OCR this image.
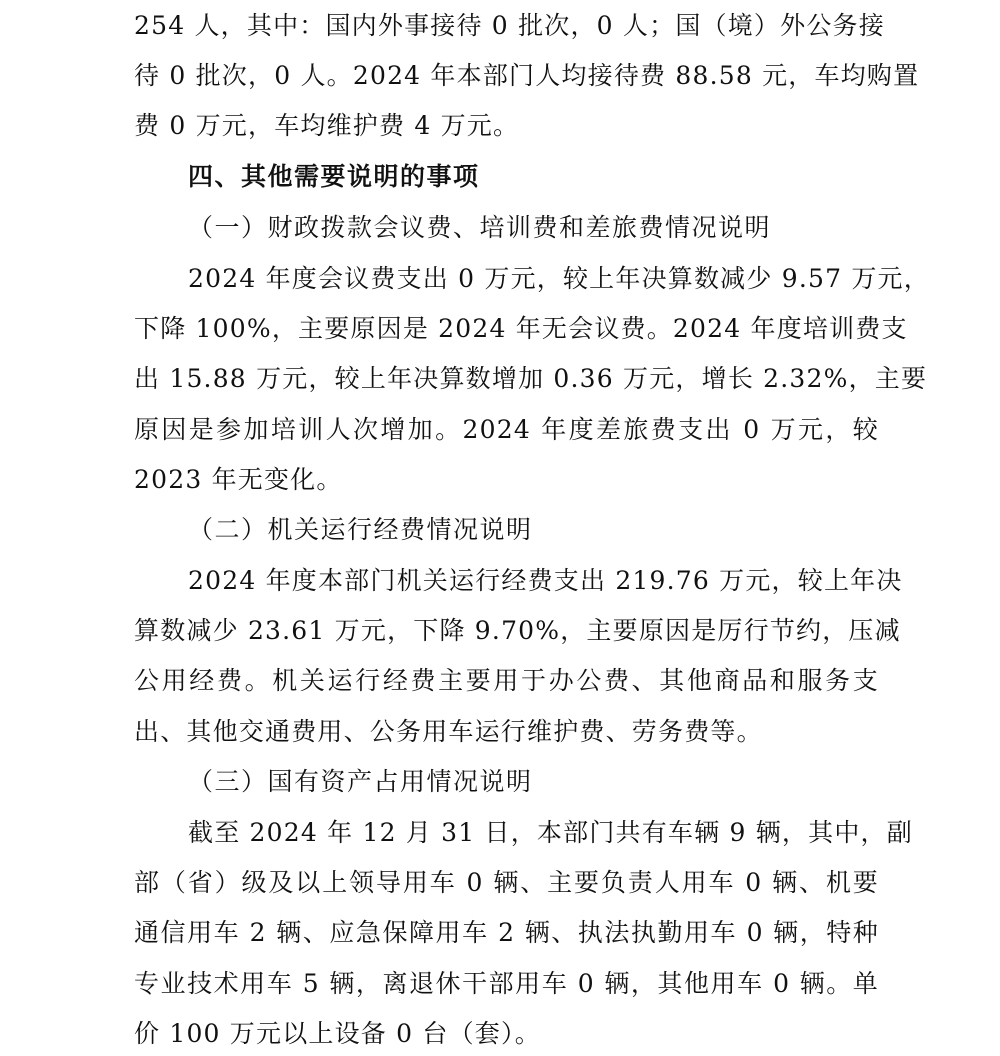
254 人，其中：国内外事接待 0 批次，0 人；国（境）外公务接
待 0 批次，0 人。2024 年本部门人均接待费 88.58 元，车均购置
费 0 万元，车均维护费 4 万元。
四、其他需要说明的事项
（一）财政拨款会议费、培训费和差旅费情况说明
2024 年度会议费支出 0 万元，较上年决算数减少 9.57 万元，
下降 100%，主要原因是 2024 年无会议费。2024 年度培训费支
出 15.88 万元，较上年决算数增加 0.36 万元，增长 2.32%，主要
原因是参加培训人次增加。2024 年度差旅费支出 0 万元，较
2023 年无变化。
（二）机关运行经费情况说明
2024 年度本部门机关运行经费支出 219.76 万元，较上年决
算数减少 23.61 万元，下降 9.70%，主要原因是厉行节约，压减
公用经费。机关运行经费主要用于办公费、其他商品和服务支
出、其他交通费用、公务用车运行维护费、劳务费等。
（三）国有资产占用情况说明
截至 2024 年 12 月 31 日，本部门共有车辆 9 辆，其中，副
部（省）级及以上领导用车 0 辆、主要负责人用车 0 辆、机要
通信用车 2 辆、应急保障用车 2 辆、执法执勤用车 0 辆，特种
专业技术用车 5 辆，离退休干部用车 0 辆，其他用车 0 辆。单
价 100 万元以上设备 0 台（套）。
